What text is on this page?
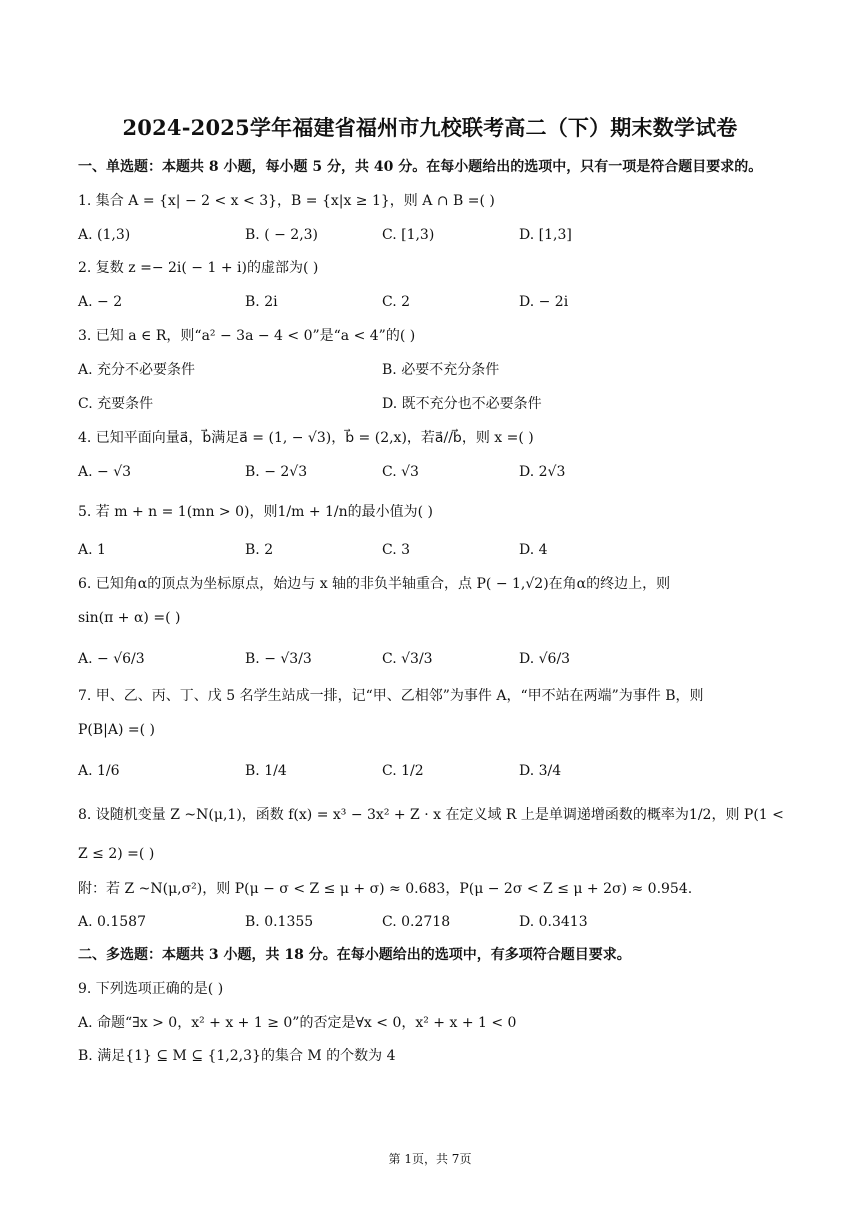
2024-2025学年福建省福州市九校联考高二（下）期末数学试卷
一、单选题：本题共 8 小题，每小题 5 分，共 40 分。在每小题给出的选项中，只有一项是符合题目要求的。
1. 集合 A = {x| − 2 < x < 3}，B = {x|x ≥ 1}，则 A ∩ B =( )
A. (1,3)	B. ( − 2,3)	C. [1,3)	D. [1,3]
2. 复数 z =− 2i( − 1 + i)的虚部为( )
A. − 2	B. 2i	C. 2	D. − 2i
3. 已知 a ∈ R，则“a² − 3a − 4 < 0”是“a < 4”的( )
A. 充分不必要条件	B. 必要不充分条件
C. 充要条件	D. 既不充分也不必要条件
4. 已知平面向量a⃗，b⃗满足a⃗ = (1, − √3)，b⃗ = (2,x)，若a⃗//b⃗，则 x =( )
A. − √3	B. − 2√3	C. √3	D. 2√3
5. 若 m + n = 1(mn > 0)，则1/m + 1/n的最小值为( )
A. 1	B. 2	C. 3	D. 4
6. 已知角α的顶点为坐标原点，始边与 x 轴的非负半轴重合，点 P( − 1,√2)在角α的终边上，则
sin(π + α) =( )
A. − √6/3	B. − √3/3	C. √3/3	D. √6/3
7. 甲、乙、丙、丁、戊 5 名学生站成一排，记“甲、乙相邻”为事件 A，“甲不站在两端”为事件 B，则
P(B|A) =( )
A. 1/6	B. 1/4	C. 1/2	D. 3/4
8. 设随机变量 Z ~N(μ,1)，函数 f(x) = x³ − 3x² + Z · x 在定义域 R 上是单调递增函数的概率为1/2，则 P(1 <
Z ≤ 2) =( )
附：若 Z ~N(μ,σ²)，则 P(μ − σ < Z ≤ μ + σ) ≈ 0.683，P(μ − 2σ < Z ≤ μ + 2σ) ≈ 0.954.
A. 0.1587	B. 0.1355	C. 0.2718	D. 0.3413
二、多选题：本题共 3 小题，共 18 分。在每小题给出的选项中，有多项符合题目要求。
9. 下列选项正确的是( )
A. 命题“∃x > 0，x² + x + 1 ≥ 0”的否定是∀x < 0，x² + x + 1 < 0
B. 满足{1} ⊆ M ⊆ {1,2,3}的集合 M 的个数为 4
第 1页，共 7页
